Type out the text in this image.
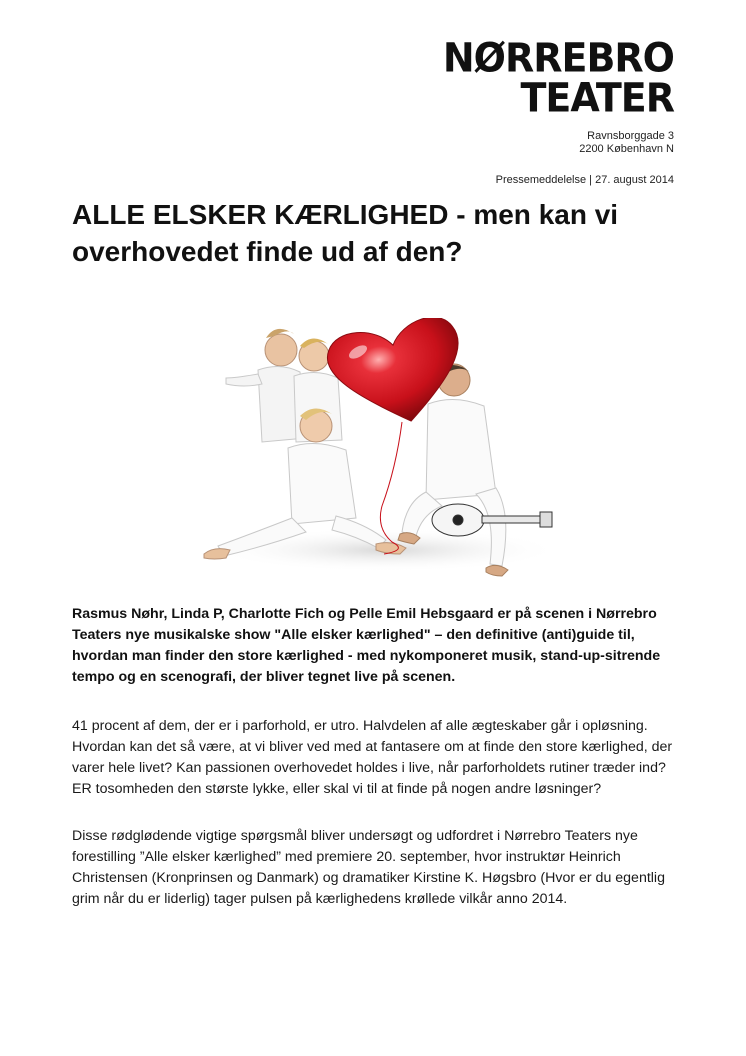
NØRREBRO
TEATER
Ravnsborggade 3
2200 København N
Pressemeddelelse | 27. august 2014
ALLE ELSKER KÆRLIGHED - men kan vi overhovedet finde ud af den?

Rasmus Nøhr, Linda P, Charlotte Fich og Pelle Emil Hebsgaard er på scenen i Nørrebro Teaters nye musikalske show "Alle elsker kærlighed" – den definitive (anti)guide til, hvordan man finder den store kærlighed - med nykomponeret musik, stand-up-sitrende tempo og en scenografi, der bliver tegnet live på scenen.

41 procent af dem, der er i parforhold, er utro. Halvdelen af alle ægteskaber går i opløsning. Hvordan kan det så være, at vi bliver ved med at fantasere om at finde den store kærlighed, der varer hele livet? Kan passionen overhovedet holdes i live, når parforholdets rutiner træder ind? ER tosomheden den største lykke, eller skal vi til at finde på nogen andre løsninger?

Disse rødglødende vigtige spørgsmål bliver undersøgt og udfordret i Nørrebro Teaters nye forestilling ”Alle elsker kærlighed” med premiere 20. september, hvor instruktør Heinrich Christensen (Kronprinsen og Danmark) og dramatiker Kirstine K. Høgsbro (Hvor er du egentlig grim når du er liderlig) tager pulsen på kærlighedens krøllede vilkår anno 2014.
